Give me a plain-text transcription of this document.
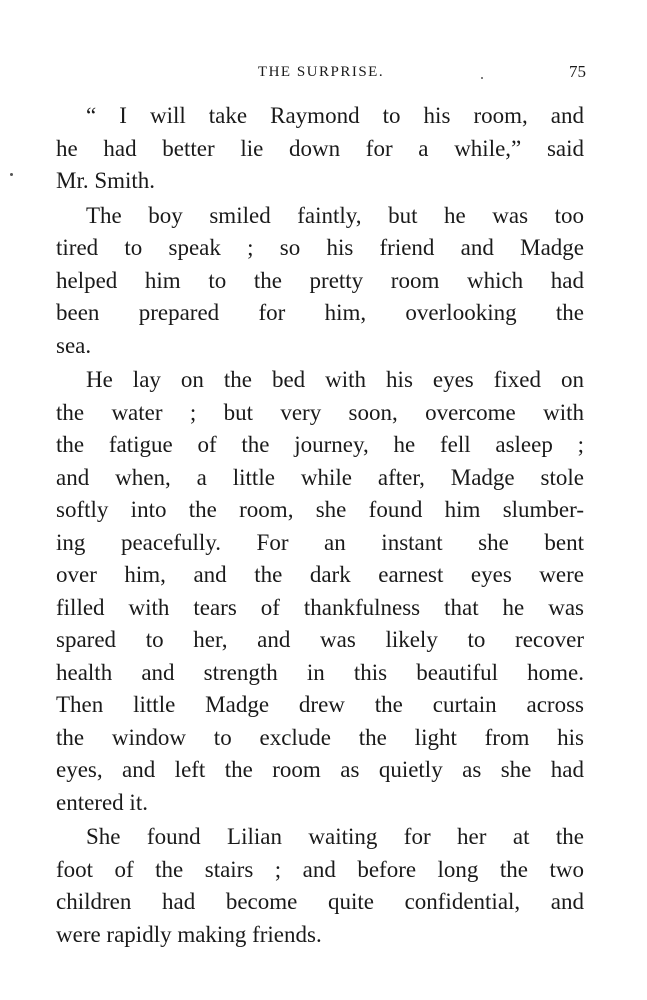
THE SURPRISE.	75
“ I will take Raymond to his room, and
he had better lie down for a while,” said
Mr. Smith.
The boy smiled faintly, but he was too
tired to speak ; so his friend and Madge
helped him to the pretty room which had
been prepared for him, overlooking the
sea.
He lay on the bed with his eyes fixed on
the water ; but very soon, overcome with
the fatigue of the journey, he fell asleep ;
and when, a little while after, Madge stole
softly into the room, she found him slumber-
ing peacefully. For an instant she bent
over him, and the dark earnest eyes were
filled with tears of thankfulness that he was
spared to her, and was likely to recover
health and strength in this beautiful home.
Then little Madge drew the curtain across
the window to exclude the light from his
eyes, and left the room as quietly as she had
entered it.
She found Lilian waiting for her at the
foot of the stairs ; and before long the two
children had become quite confidential, and
were rapidly making friends.
